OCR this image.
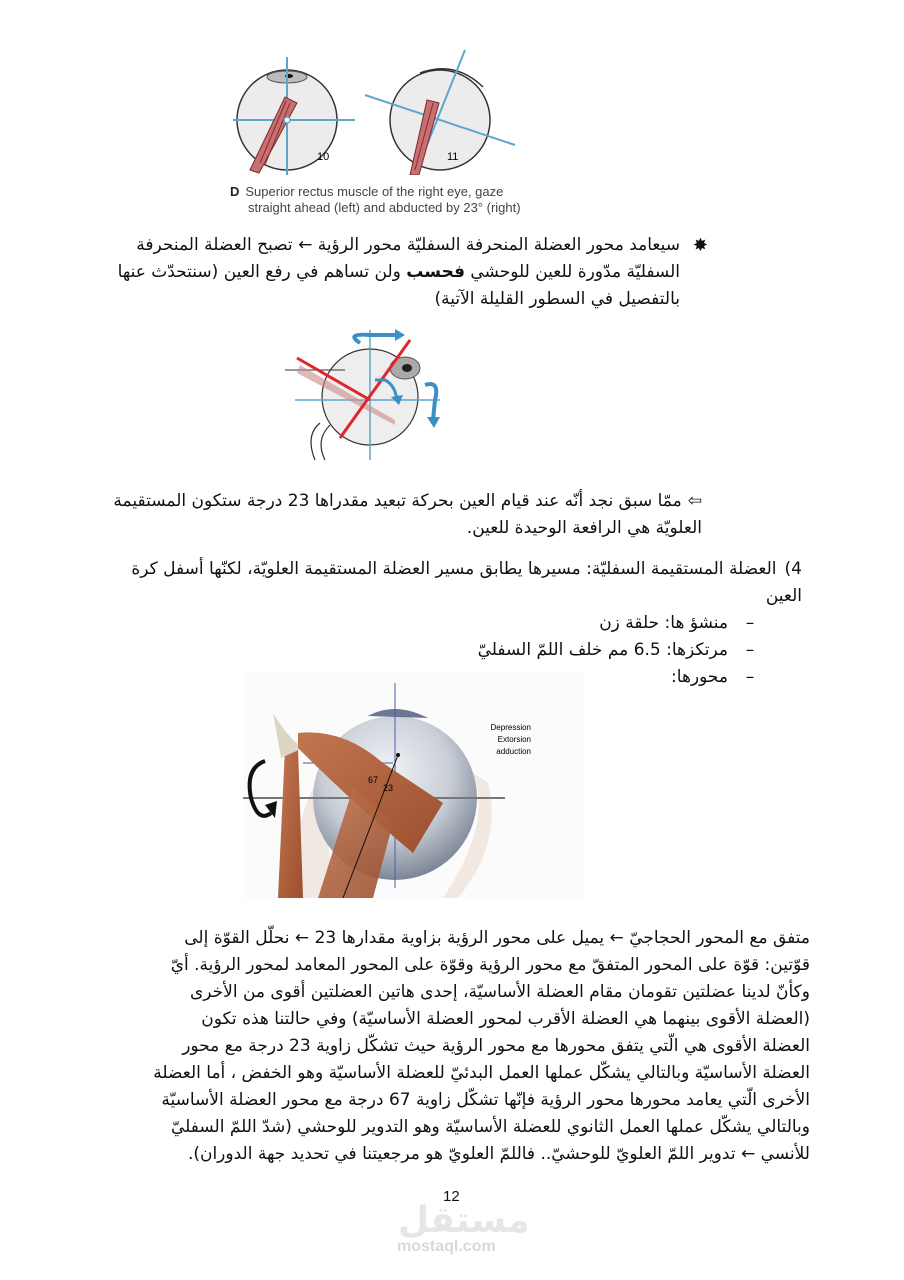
10	11
D Superior rectus muscle of the right eye, gaze
straight ahead (left) and abducted by 23° (right)
✸
سيعامد محور العضلة المنحرفة السفليّة محور الرؤية ← تصبح العضلة المنحرفة
السفليّة مدّورة للعين للوحشي فحسب ولن تساهم في رفع العين (سنتحدّث عنها
بالتفصيل في السطور القليلة الآتية)
⇦ممّا سبق نجد أنّه عند قيام العين بحركة تبعيد مقدراها 23 درجة ستكون المستقيمة
العلويّة هي الرافعة الوحيدة للعين.
4)العضلة المستقيمة السفليّة: مسيرها يطابق مسير العضلة المستقيمة العلويّة، لكنّها أسفل كرة العين
–
منشؤ ها: حلقة زن
–
مرتكزها: 6.5 مم خلف اللمّ السفليّ
–
محورها:
67
23
Depression
Extorsion
adduction
متفق مع المحور الحجاجيّ ← يميل على محور الرؤية بزاوية مقدارها 23 ← نحلّل القوّة إلى
قوّتين: قوّة على المحور المتفقّ مع محور الرؤية وقوّة على المحور المعامد لمحور الرؤية. أيّ
وكأنّ لدينا عضلتين تقومان مقام العضلة الأساسيّة، إحدى هاتين العضلتين أقوى من الأخرى
(العضلة الأقوى بينهما هي العضلة الأقرب لمحور العضلة الأساسيّة) وفي حالتنا هذه تكون
العضلة الأقوى هي الّتي يتفق محورها مع محور الرؤية حيث تشكّل زاوية 23 درجة مع محور
العضلة الأساسيّة وبالتالي يشكّل عملها العمل البدئيّ للعضلة الأساسيّة وهو الخفض ، أما العضلة
الأخرى الّتي يعامد محورها محور الرؤية فإنّها تشكّل زاوية 67 درجة مع محور العضلة الأساسيّة
وبالتالي يشكّل عملها العمل الثانوي للعضلة الأساسيّة وهو التدوير للوحشي (شدّ اللمّ السفليّ
للأنسي ← تدوير اللمّ العلويّ للوحشيّ.. فاللمّ العلويّ هو مرجعيتنا في تحديد جهة الدوران).
12
مستقل
mostaql.com
